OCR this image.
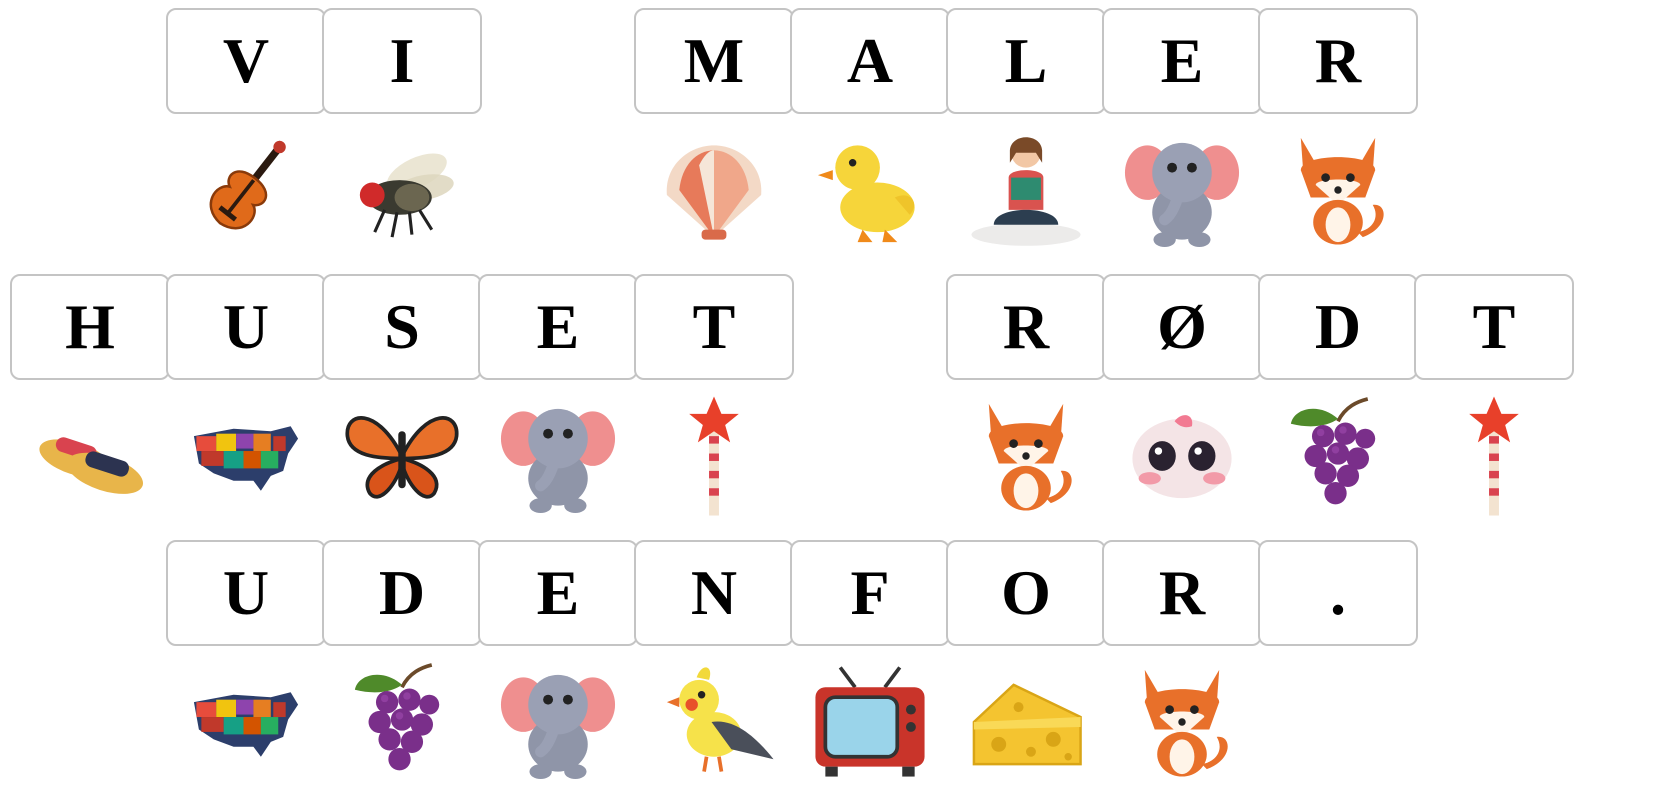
V	I	M	A	L	E	R
H	U	S	E	T	R	Ø	D	T
U	D	E	N	F	O	R	.
